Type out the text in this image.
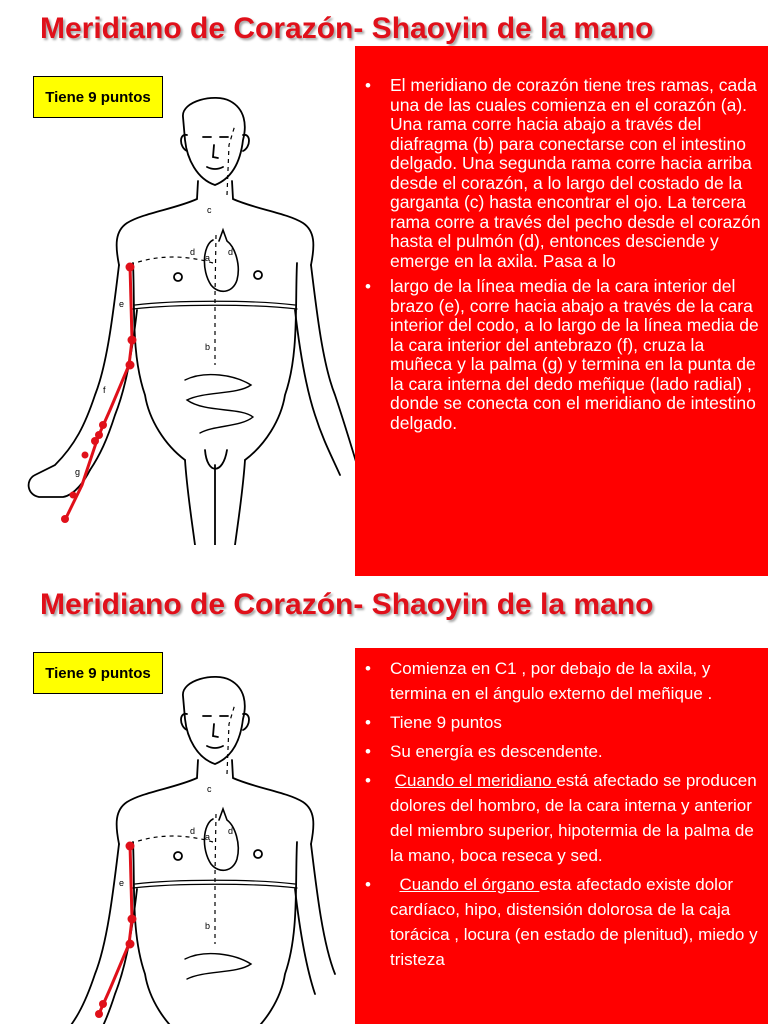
Meridiano de Corazón- Shaoyin de la mano
a
b
c
d	d
e
f
g
Tiene 9 puntos
• El meridiano de corazón tiene tres ramas, cada una de las cuales comienza en el corazón (a). Una rama corre hacia abajo a través del diafragma (b) para conectarse con el intestino delgado. Una segunda rama corre hacia arriba desde el corazón, a lo largo del costado de la garganta (c) hasta encontrar el ojo. La tercera rama corre a través del pecho desde el corazón hasta el pulmón (d), entonces desciende y emerge en la axila. Pasa a lo
• largo de la línea media de la cara interior del brazo (e), corre hacia abajo a través de la cara interior del codo, a lo largo de la línea media de la cara interior del antebrazo (f), cruza la muñeca y la palma (g) y termina en la punta de la cara interna del dedo meñique (lado radial) , donde se conecta con el meridiano de intestino delgado.
Meridiano de Corazón- Shaoyin de la mano
a
b
c
d	d
e
Tiene 9 puntos
•	Comienza en C1 , por debajo de la axila, y termina en el ángulo externo del meñique .
• Tiene 9 puntos
• Su energía es descendente.
• Cuando el meridiano está afectado se producen dolores del hombro, de la cara interna y anterior del miembro superior, hipotermia de la palma de la mano, boca reseca y sed.
• Cuando el órgano esta afectado existe dolor cardíaco, hipo, distensión dolorosa de la caja torácica , locura (en estado de plenitud), miedo y tristeza
